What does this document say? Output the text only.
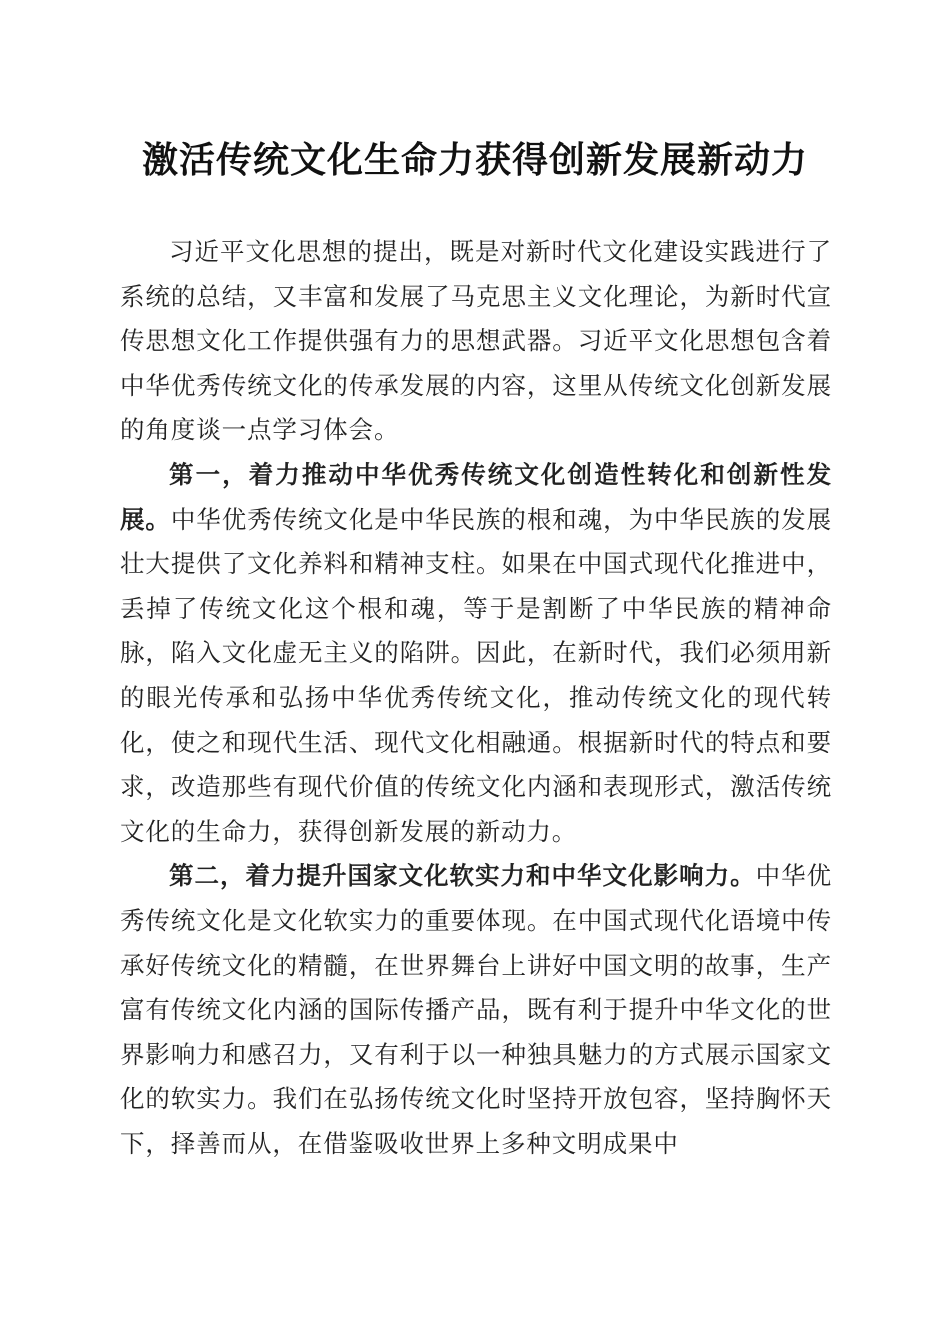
激活传统文化生命力获得创新发展新动力

习近平文化思想的提出，既是对新时代文化建设实践进行了系统的总结，又丰富和发展了马克思主义文化理论，为新时代宣传思想文化工作提供强有力的思想武器。习近平文化思想包含着中华优秀传统文化的传承发展的内容，这里从传统文化创新发展的角度谈一点学习体会。

第一，着力推动中华优秀传统文化创造性转化和创新性发展。中华优秀传统文化是中华民族的根和魂，为中华民族的发展壮大提供了文化养料和精神支柱。如果在中国式现代化推进中，丢掉了传统文化这个根和魂，等于是割断了中华民族的精神命脉，陷入文化虚无主义的陷阱。因此，在新时代，我们必须用新的眼光传承和弘扬中华优秀传统文化，推动传统文化的现代转化，使之和现代生活、现代文化相融通。根据新时代的特点和要求，改造那些有现代价值的传统文化内涵和表现形式，激活传统文化的生命力，获得创新发展的新动力。

第二，着力提升国家文化软实力和中华文化影响力。中华优秀传统文化是文化软实力的重要体现。在中国式现代化语境中传承好传统文化的精髓，在世界舞台上讲好中国文明的故事，生产富有传统文化内涵的国际传播产品，既有利于提升中华文化的世界影响力和感召力，又有利于以一种独具魅力的方式展示国家文化的软实力。我们在弘扬传统文化时坚持开放包容，坚持胸怀天下，择善而从，在借鉴吸收世界上多种文明成果中
